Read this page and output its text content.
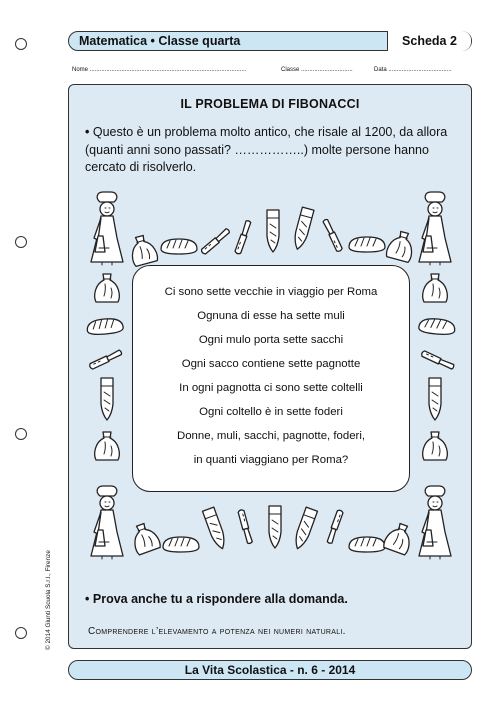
Matematica • Classe quarta	Scheda 2
Nome ..............................................................................................	Classe ...............................	Data ......................................
IL PROBLEMA DI FIBONACCI
• Questo è un problema molto antico, che risale al 1200, da allora (quanti anni sono passati? ……………..) molte persone hanno cercato di risolverlo.
Ci sono sette vecchie in viaggio per Roma
Ognuna di esse ha sette muli
Ogni mulo porta sette sacchi
Ogni sacco contiene sette pagnotte
In ogni pagnotta ci sono sette coltelli
Ogni coltello è in sette foderi
Donne, muli, sacchi, pagnotte, foderi,
in quanti viaggiano per Roma?
• Prova anche tu a rispondere alla domanda.
Comprendere l’elevamento a potenza nei numeri naturali.
© 2014 Giunti Scuola S.r.l., Firenze
La Vita Scolastica - n. 6 - 2014
